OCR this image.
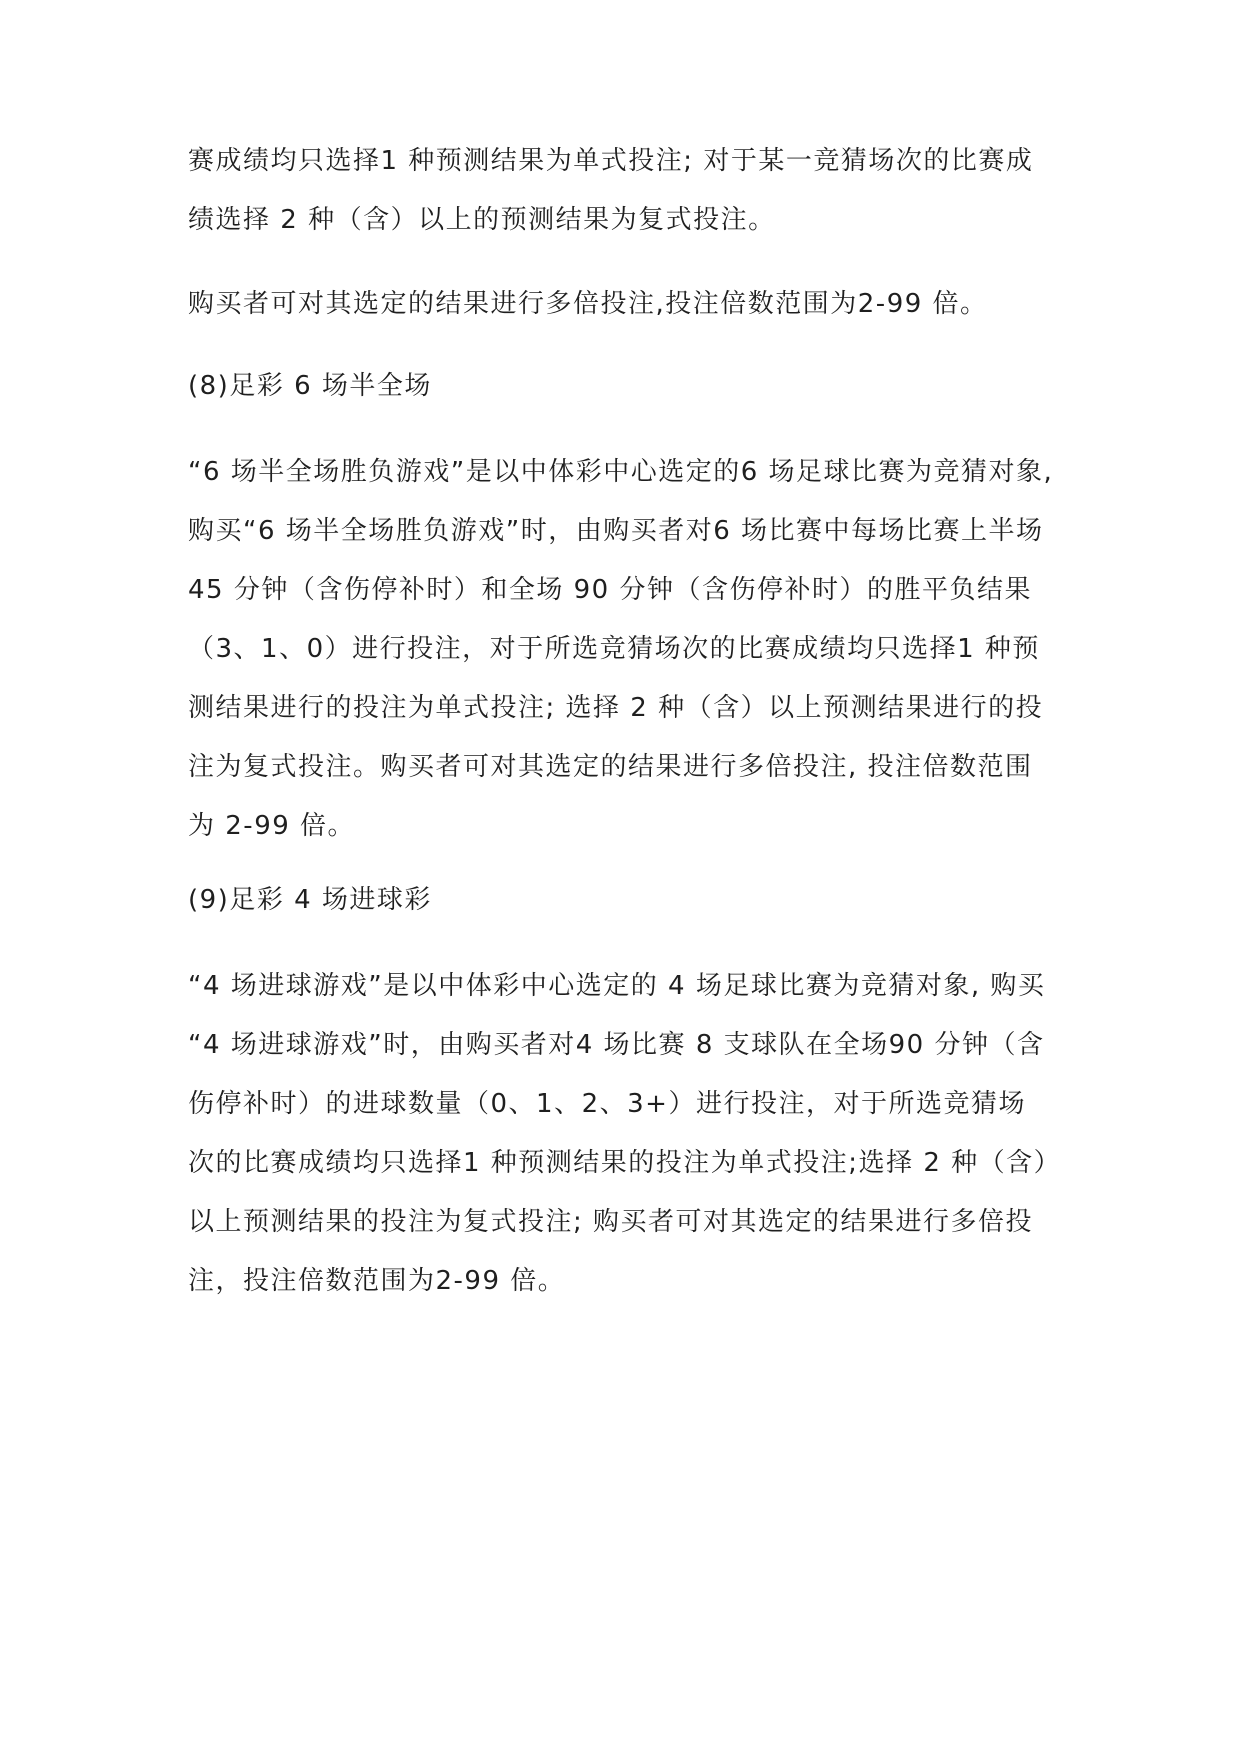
赛成绩均只选择1 种预测结果为单式投注; 对于某一竞猜场次的比赛成
绩选择 2 种（含）以上的预测结果为复式投注。

购买者可对其选定的结果进行多倍投注,投注倍数范围为2-99 倍。

(8)足彩 6 场半全场

“6 场半全场胜负游戏”是以中体彩中心选定的6 场足球比赛为竞猜对象,
购买“6 场半全场胜负游戏”时，由购买者对6 场比赛中每场比赛上半场
45 分钟（含伤停补时）和全场 90 分钟（含伤停补时）的胜平负结果
（3、1、0）进行投注，对于所选竞猜场次的比赛成绩均只选择1 种预
测结果进行的投注为单式投注; 选择 2 种（含）以上预测结果进行的投
注为复式投注。购买者可对其选定的结果进行多倍投注, 投注倍数范围
为 2-99 倍。

(9)足彩 4 场进球彩

“4 场进球游戏”是以中体彩中心选定的 4 场足球比赛为竞猜对象, 购买
“4 场进球游戏”时，由购买者对4 场比赛 8 支球队在全场90 分钟（含
伤停补时）的进球数量（0、1、2、3+）进行投注，对于所选竞猜场
次的比赛成绩均只选择1 种预测结果的投注为单式投注;选择 2 种（含）
以上预测结果的投注为复式投注; 购买者可对其选定的结果进行多倍投
注，投注倍数范围为2-99 倍。
